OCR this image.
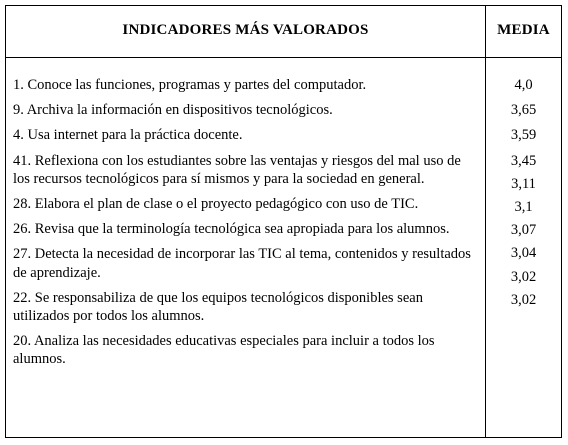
INDICADORES MÁS VALORADOS	MEDIA

1. Conoce las funciones, programas y partes del computador.

9. Archiva la información en dispositivos tecnológicos.

4. Usa internet para la práctica docente.

41. Reflexiona con los estudiantes sobre las ventajas y riesgos del mal uso de los recursos tecnológicos para sí mismos y para la sociedad en general.

28. Elabora el plan de clase o el proyecto pedagógico con uso de TIC.

26. Revisa que la terminología tecnológica sea apropiada para los alumnos.

27. Detecta la necesidad de incorporar las TIC al tema, contenidos y resultados de aprendizaje.

22. Se responsabiliza de que los equipos tecnológicos disponibles sean utilizados por todos los alumnos.

20. Analiza las necesidades educativas especiales para incluir a todos los alumnos.

4,0

3,65

3,59

3,45

3,11

3,1

3,07

3,04

3,02

3,02
